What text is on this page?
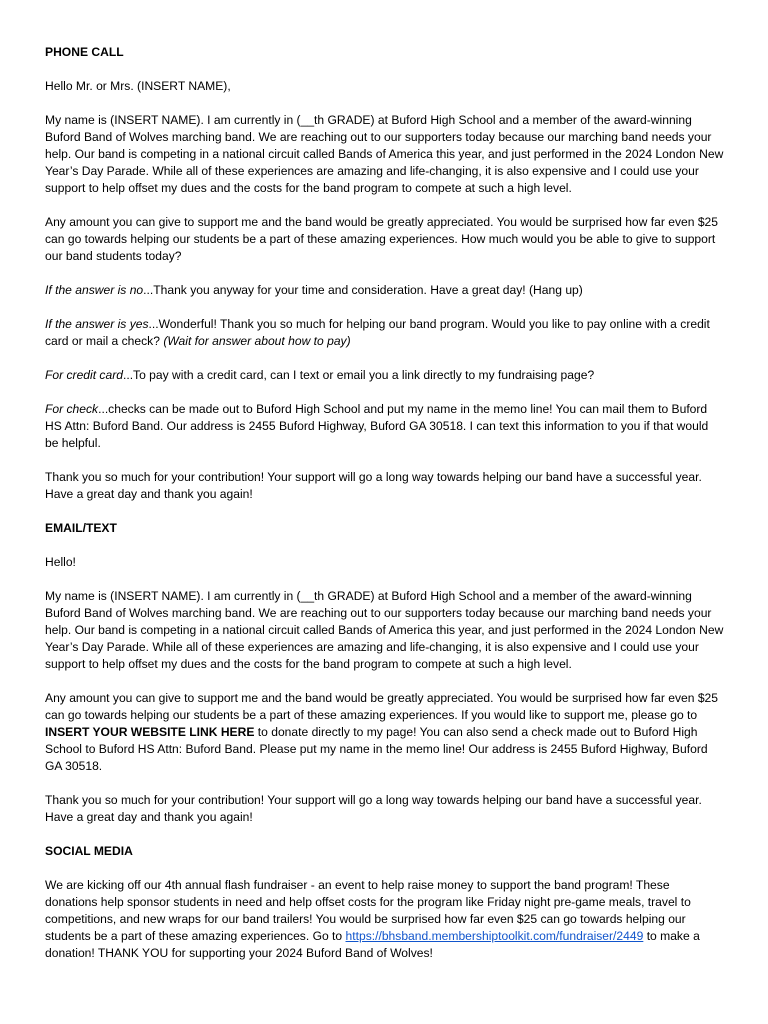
PHONE CALL

Hello Mr. or Mrs. (INSERT NAME),

My name is (INSERT NAME). I am currently in (__th GRADE) at Buford High School and a member of the award-winning Buford Band of Wolves marching band. We are reaching out to our supporters today because our marching band needs your help. Our band is competing in a national circuit called Bands of America this year, and just performed in the 2024 London New Year’s Day Parade. While all of these experiences are amazing and life-changing, it is also expensive and I could use your support to help offset my dues and the costs for the band program to compete at such a high level.

Any amount you can give to support me and the band would be greatly appreciated. You would be surprised how far even $25 can go towards helping our students be a part of these amazing experiences. How much would you be able to give to support our band students today?

If the answer is no...Thank you anyway for your time and consideration. Have a great day! (Hang up)

If the answer is yes...Wonderful! Thank you so much for helping our band program. Would you like to pay online with a credit card or mail a check? (Wait for answer about how to pay)

For credit card...To pay with a credit card, can I text or email you a link directly to my fundraising page?

For check...checks can be made out to Buford High School and put my name in the memo line! You can mail them to Buford HS Attn: Buford Band. Our address is 2455 Buford Highway, Buford GA 30518. I can text this information to you if that would be helpful.

Thank you so much for your contribution! Your support will go a long way towards helping our band have a successful year. Have a great day and thank you again!

EMAIL/TEXT

Hello!

My name is (INSERT NAME). I am currently in (__th GRADE) at Buford High School and a member of the award-winning Buford Band of Wolves marching band. We are reaching out to our supporters today because our marching band needs your help. Our band is competing in a national circuit called Bands of America this year, and just performed in the 2024 London New Year’s Day Parade. While all of these experiences are amazing and life-changing, it is also expensive and I could use your support to help offset my dues and the costs for the band program to compete at such a high level.

Any amount you can give to support me and the band would be greatly appreciated. You would be surprised how far even $25 can go towards helping our students be a part of these amazing experiences. If you would like to support me, please go to INSERT YOUR WEBSITE LINK HERE to donate directly to my page! You can also send a check made out to Buford High School to Buford HS Attn: Buford Band. Please put my name in the memo line! Our address is 2455 Buford Highway, Buford GA 30518.

Thank you so much for your contribution! Your support will go a long way towards helping our band have a successful year. Have a great day and thank you again!

SOCIAL MEDIA

We are kicking off our 4th annual flash fundraiser - an event to help raise money to support the band program! These donations help sponsor students in need and help offset costs for the program like Friday night pre-game meals, travel to competitions, and new wraps for our band trailers! You would be surprised how far even $25 can go towards helping our students be a part of these amazing experiences. Go to https://bhsband.membershiptoolkit.com/fundraiser/2449 to make a donation! THANK YOU for supporting your 2024 Buford Band of Wolves!
